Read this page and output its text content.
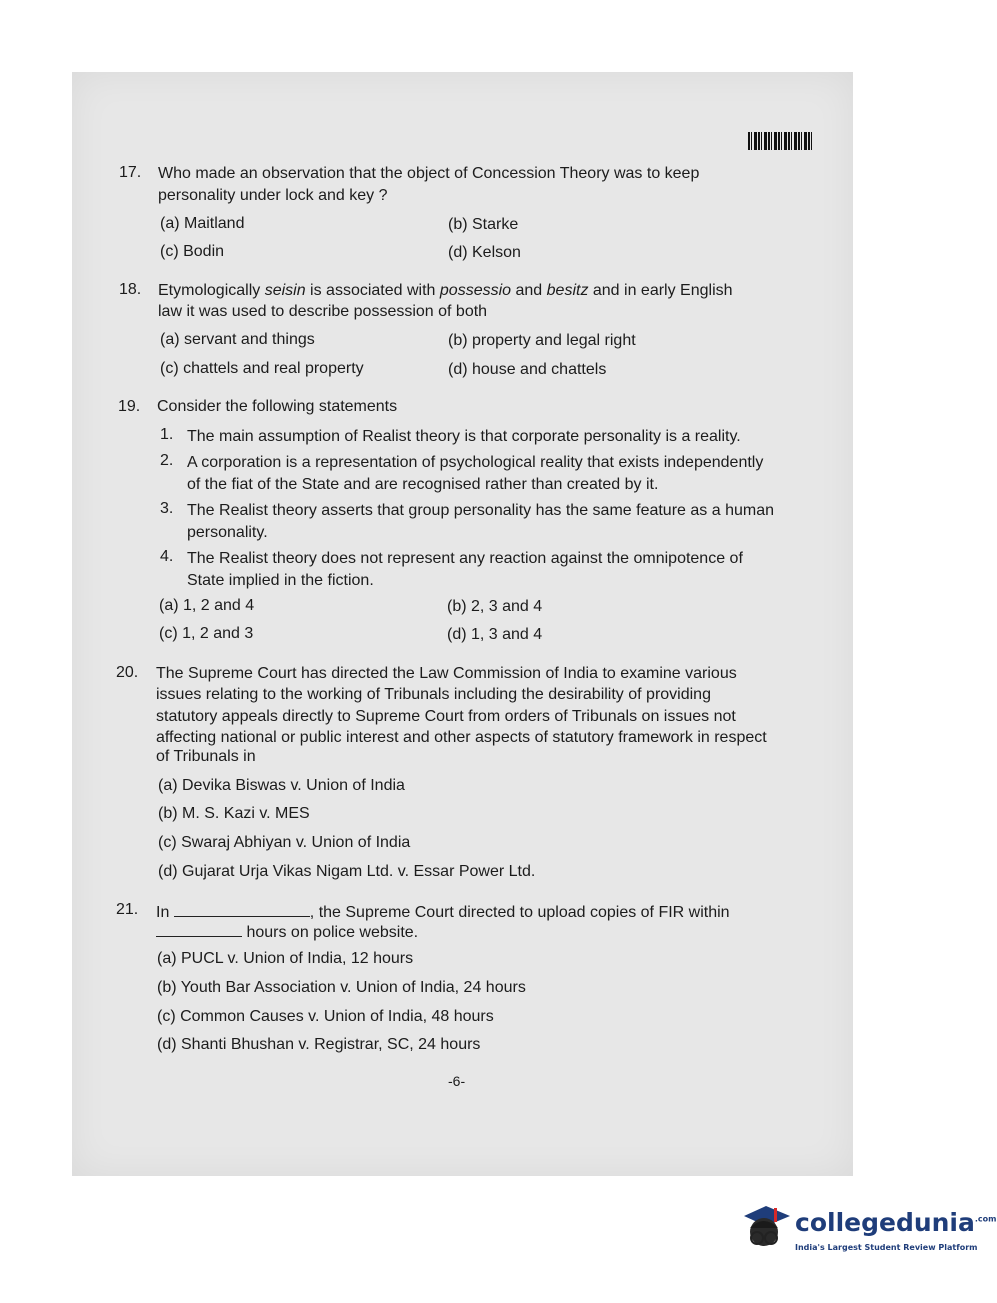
17. Who made an observation that the object of Concession Theory was to keep
personality under lock and key ?
(a) Maitland	(b) Starke
(c) Bodin	(d) Kelson
18. Etymologically seisin is associated with possessio and besitz and in early English
law it was used to describe possession of both
(a) servant and things	(b) property and legal right
(c) chattels and real property	(d) house and chattels
19. Consider the following statements
1. The main assumption of Realist theory is that corporate personality is a reality.
2. A corporation is a representation of psychological reality that exists independently of the fiat of the State and are recognised rather than created by it.
3. The Realist theory asserts that group personality has the same feature as a human personality.
4. The Realist theory does not represent any reaction against the omnipotence of State implied in the fiction.
(a) 1, 2 and 4	(b) 2, 3 and 4
(c) 1, 2 and 3	(d) 1, 3 and 4
20. The Supreme Court has directed the Law Commission of India to examine various
issues relating to the working of Tribunals including the desirability of providing
statutory appeals directly to Supreme Court from orders of Tribunals on issues not
affecting national or public interest and other aspects of statutory framework in respect
of Tribunals in
(a) Devika Biswas v. Union of India
(b) M. S. Kazi v. MES
(c) Swaraj Abhiyan v. Union of India
(d) Gujarat Urja Vikas Nigam Ltd. v. Essar Power Ltd.
21. In	, the Supreme Court directed to upload copies of FIR within
hours on police website.
(a) PUCL v. Union of India, 12 hours
(b) Youth Bar Association v. Union of India, 24 hours
(c) Common Causes v. Union of India, 48 hours
(d) Shanti Bhushan v. Registrar, SC, 24 hours
-6-
collegedunia$^{.com}$
India's Largest Student Review Platform
